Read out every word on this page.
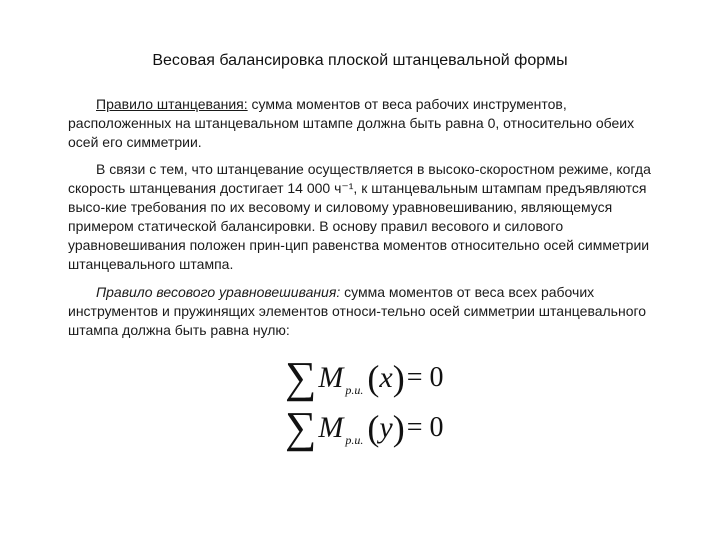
Весовая балансировка плоской штанцевальной формы

Правило штанцевания: сумма моментов от веса рабочих инструментов, расположенных на штанцевальном штампе должна быть равна 0, относительно обеих осей его симметрии.

В связи с тем, что штанцевание осуществляется в высоко-скоростном режиме, когда скорость штанцевания достигает 14 000 ч⁻¹, к штанцевальным штампам предъявляются высо-кие требования по их весовому и силовому уравновешиванию, являющемуся примером статической балансировки. В основу правил весового и силового уравновешивания положен прин-цип равенства моментов относительно осей симметрии штанцевального штампа.

Правило весового уравновешивания: сумма моментов от веса всех рабочих инструментов и пружинящих элементов относи-тельно осей симметрии штанцевального штампа должна быть равна нулю:

∑M $_{р.и.}$ (x)= 0
∑M $_{р.и.}$ (y)= 0
